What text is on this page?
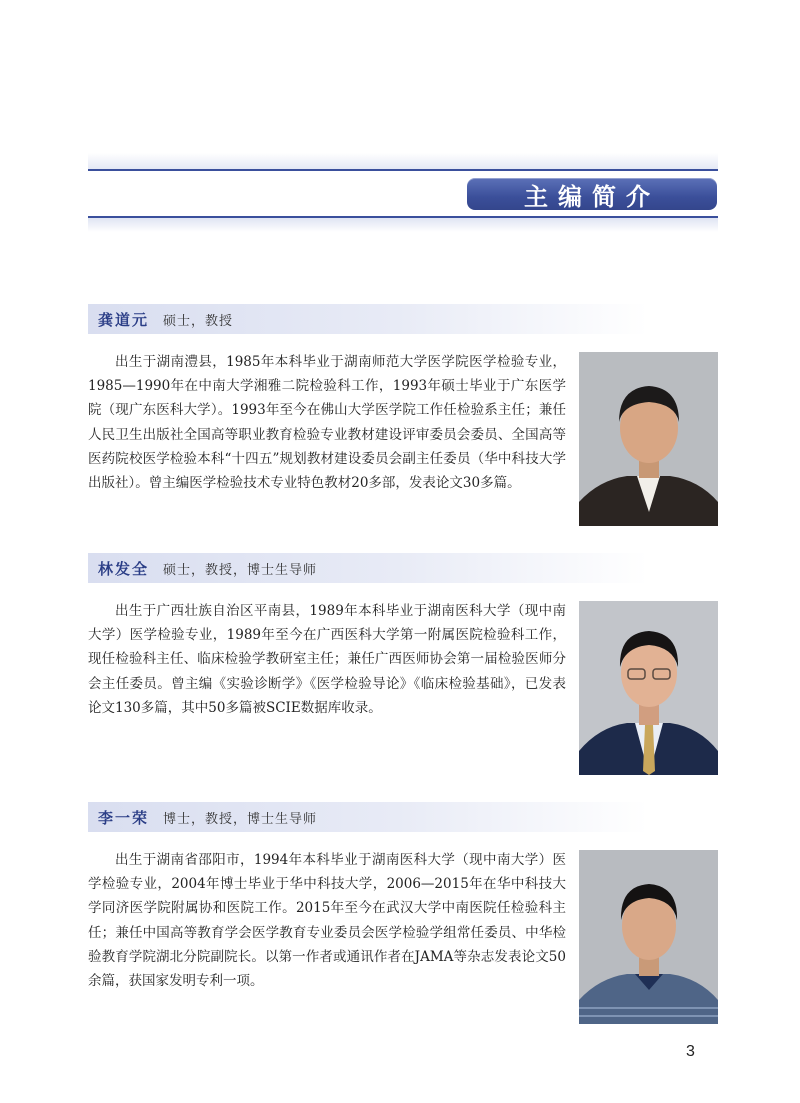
主编简介
龚道元 硕士，教授

出生于湖南澧县，1985年本科毕业于湖南师范大学医学院医学检验专业，1985—1990年在中南大学湘雅二院检验科工作，1993年硕士毕业于广东医学院（现广东医科大学）。1993年至今在佛山大学医学院工作任检验系主任；兼任人民卫生出版社全国高等职业教育检验专业教材建设评审委员会委员、全国高等医药院校医学检验本科“十四五”规划教材建设委员会副主任委员（华中科技大学出版社）。曾主编医学检验技术专业特色教材20多部，发表论文30多篇。

林发全 硕士，教授，博士生导师

出生于广西壮族自治区平南县，1989年本科毕业于湖南医科大学（现中南大学）医学检验专业，1989年至今在广西医科大学第一附属医院检验科工作，现任检验科主任、临床检验学教研室主任；兼任广西医师协会第一届检验医师分会主任委员。曾主编《实验诊断学》《医学检验导论》《临床检验基础》，已发表论文130多篇，其中50多篇被SCIE数据库收录。

李一荣 博士，教授，博士生导师

出生于湖南省邵阳市，1994年本科毕业于湖南医科大学（现中南大学）医学检验专业，2004年博士毕业于华中科技大学，2006—2015年在华中科技大学同济医学院附属协和医院工作。2015年至今在武汉大学中南医院任检验科主任；兼任中国高等教育学会医学教育专业委员会医学检验学组常任委员、中华检验教育学院湖北分院副院长。以第一作者或通讯作者在JAMA等杂志发表论文50余篇，获国家发明专利一项。

3
